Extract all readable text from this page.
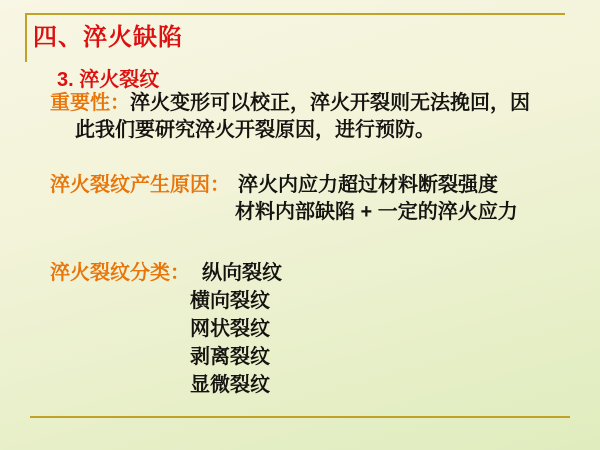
四、淬火缺陷
3. 淬火裂纹
重要性：淬火变形可以校正，淬火开裂则无法挽回，因
此我们要研究淬火开裂原因，进行预防。
淬火裂纹产生原因： 淬火内应力超过材料断裂强度
材料内部缺陷 + 一定的淬火应力
淬火裂纹分类： 纵向裂纹
横向裂纹
网状裂纹
剥离裂纹
显微裂纹
